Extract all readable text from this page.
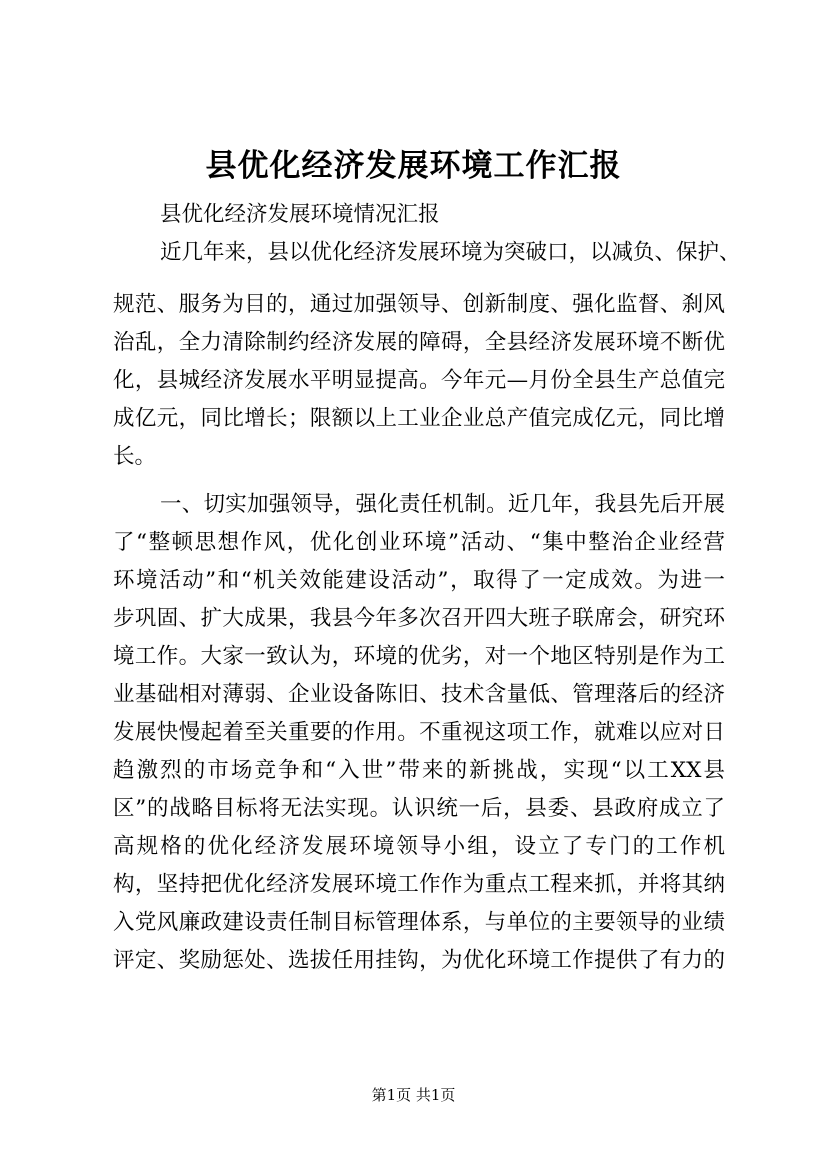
县优化经济发展环境工作汇报
县优化经济发展环境情况汇报
近几年来，县以优化经济发展环境为突破口，以减负、保护、
规范、服务为目的，通过加强领导、创新制度、强化监督、刹风
治乱，全力清除制约经济发展的障碍，全县经济发展环境不断优
化，县城经济发展水平明显提高。今年元—月份全县生产总值完
成亿元，同比增长；限额以上工业企业总产值完成亿元，同比增
长。
一、切实加强领导，强化责任机制。近几年，我县先后开展
了“整顿思想作风，优化创业环境”活动、“集中整治企业经营
环境活动”和“机关效能建设活动”，取得了一定成效。为进一
步巩固、扩大成果，我县今年多次召开四大班子联席会，研究环
境工作。大家一致认为，环境的优劣，对一个地区特别是作为工
业基础相对薄弱、企业设备陈旧、技术含量低、管理落后的经济
发展快慢起着至关重要的作用。不重视这项工作，就难以应对日
趋激烈的市场竞争和“入世”带来的新挑战，实现“以工XX县
区”的战略目标将无法实现。认识统一后，县委、县政府成立了
高规格的优化经济发展环境领导小组，设立了专门的工作机
构，坚持把优化经济发展环境工作作为重点工程来抓，并将其纳
入党风廉政建设责任制目标管理体系，与单位的主要领导的业绩
评定、奖励惩处、选拔任用挂钩，为优化环境工作提供了有力的
第1页 共1页
